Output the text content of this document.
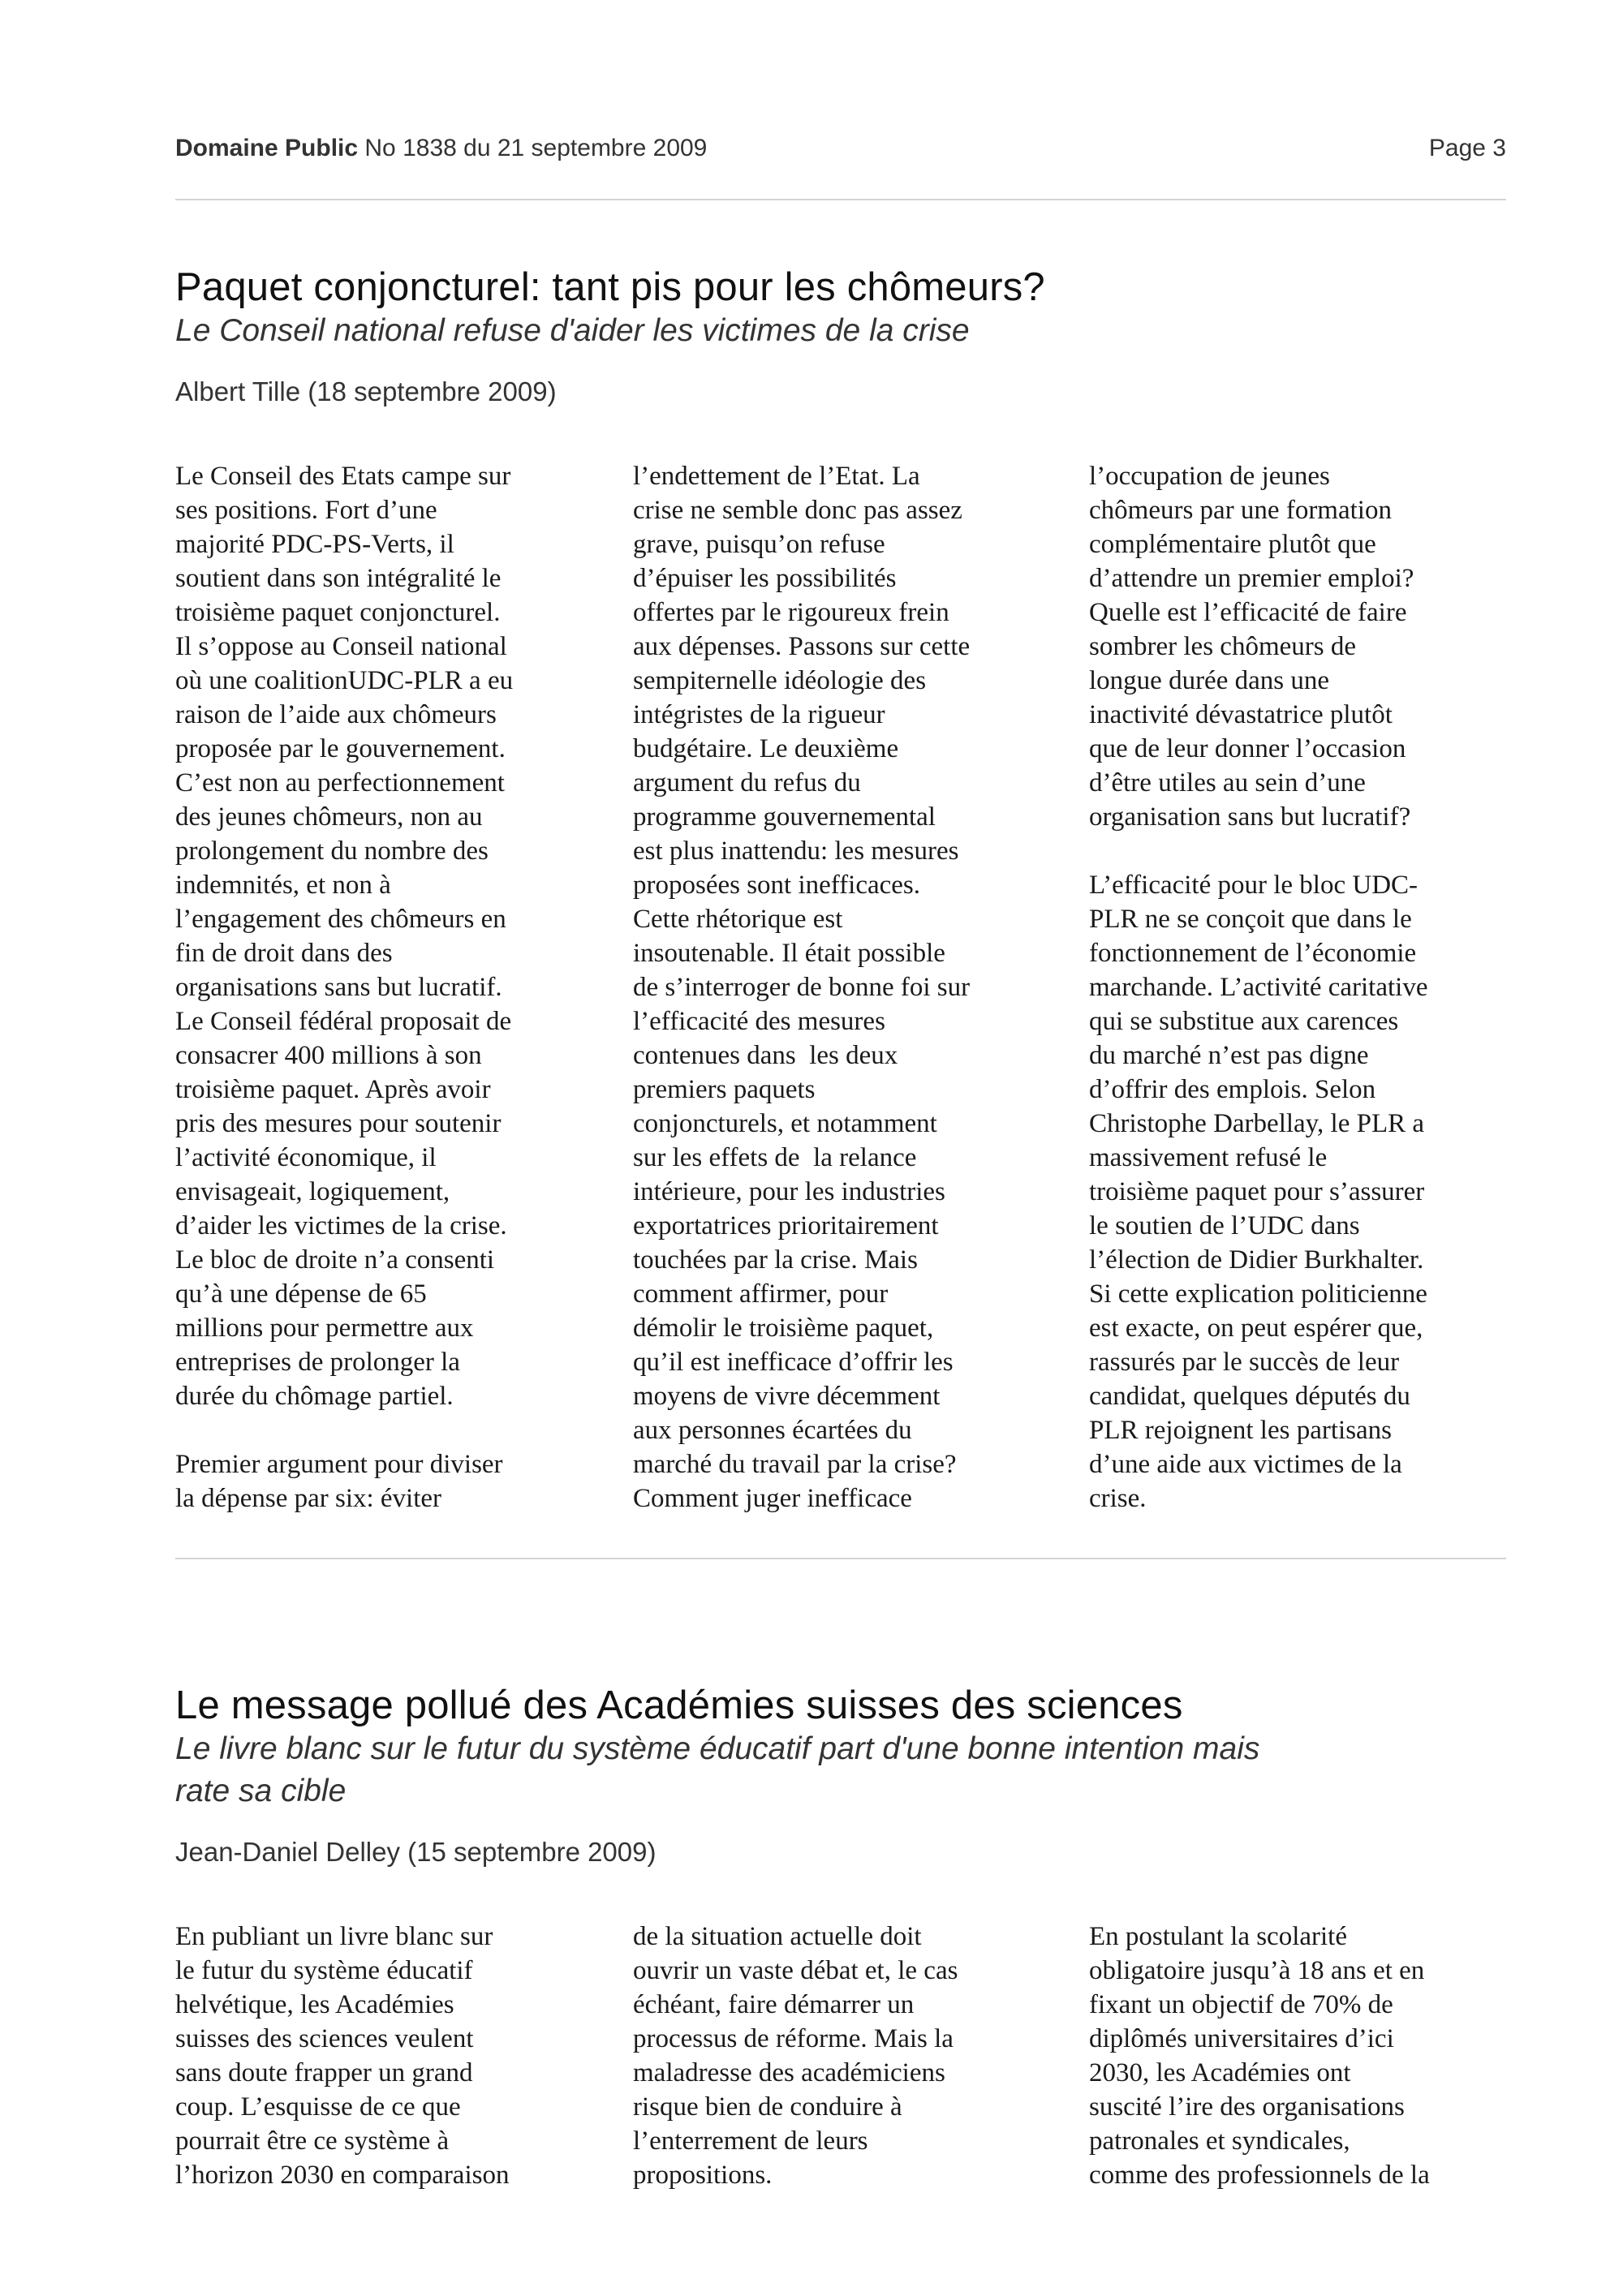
Domaine Public No 1838 du 21 septembre 2009	Page 3
Paquet conjoncturel: tant pis pour les chômeurs?
Le Conseil national refuse d'aider les victimes de la crise
Albert Tille (18 septembre 2009)

Le Conseil des Etats campe sur
ses positions. Fort d’une
majorité PDC-PS-Verts, il
soutient dans son intégralité le
troisième paquet conjoncturel.
Il s’oppose au Conseil national
où une coalitionUDC-PLR a eu
raison de l’aide aux chômeurs
proposée par le gouvernement.
C’est non au perfectionnement
des jeunes chômeurs, non au
prolongement du nombre des
indemnités, et non à
l’engagement des chômeurs en
fin de droit dans des
organisations sans but lucratif.
Le Conseil fédéral proposait de
consacrer 400 millions à son
troisième paquet. Après avoir
pris des mesures pour soutenir
l’activité économique, il
envisageait, logiquement,
d’aider les victimes de la crise.
Le bloc de droite n’a consenti
qu’à une dépense de 65
millions pour permettre aux
entreprises de prolonger la
durée du chômage partiel.

Premier argument pour diviser
la dépense par six: éviter

l’endettement de l’Etat. La
crise ne semble donc pas assez
grave, puisqu’on refuse
d’épuiser les possibilités
offertes par le rigoureux frein
aux dépenses. Passons sur cette
sempiternelle idéologie des
intégristes de la rigueur
budgétaire. Le deuxième
argument du refus du
programme gouvernemental
est plus inattendu: les mesures
proposées sont inefficaces.
Cette rhétorique est
insoutenable. Il était possible
de s’interroger de bonne foi sur
l’efficacité des mesures
contenues dans  les deux
premiers paquets
conjoncturels, et notamment
sur les effets de  la relance
intérieure, pour les industries
exportatrices prioritairement
touchées par la crise. Mais
comment affirmer, pour
démolir le troisième paquet,
qu’il est inefficace d’offrir les
moyens de vivre décemment
aux personnes écartées du
marché du travail par la crise?
Comment juger inefficace

l’occupation de jeunes
chômeurs par une formation
complémentaire plutôt que
d’attendre un premier emploi?
Quelle est l’efficacité de faire
sombrer les chômeurs de
longue durée dans une
inactivité dévastatrice plutôt
que de leur donner l’occasion
d’être utiles au sein d’une
organisation sans but lucratif?

L’efficacité pour le bloc UDC-
PLR ne se conçoit que dans le
fonctionnement de l’économie
marchande. L’activité caritative
qui se substitue aux carences
du marché n’est pas digne
d’offrir des emplois. Selon
Christophe Darbellay, le PLR a
massivement refusé le
troisième paquet pour s’assurer
le soutien de l’UDC dans
l’élection de Didier Burkhalter.
Si cette explication politicienne
est exacte, on peut espérer que,
rassurés par le succès de leur
candidat, quelques députés du
PLR rejoignent les partisans
d’une aide aux victimes de la
crise.

Le message pollué des Académies suisses des sciences
Le livre blanc sur le futur du système éducatif part d'une bonne intention mais
rate sa cible
Jean-Daniel Delley (15 septembre 2009)

En publiant un livre blanc sur
le futur du système éducatif
helvétique, les Académies
suisses des sciences veulent
sans doute frapper un grand
coup. L’esquisse de ce que
pourrait être ce système à
l’horizon 2030 en comparaison

de la situation actuelle doit
ouvrir un vaste débat et, le cas
échéant, faire démarrer un
processus de réforme. Mais la
maladresse des académiciens
risque bien de conduire à
l’enterrement de leurs
propositions.

En postulant la scolarité
obligatoire jusqu’à 18 ans et en
fixant un objectif de 70% de
diplômés universitaires d’ici
2030, les Académies ont
suscité l’ire des organisations
patronales et syndicales,
comme des professionnels de la
